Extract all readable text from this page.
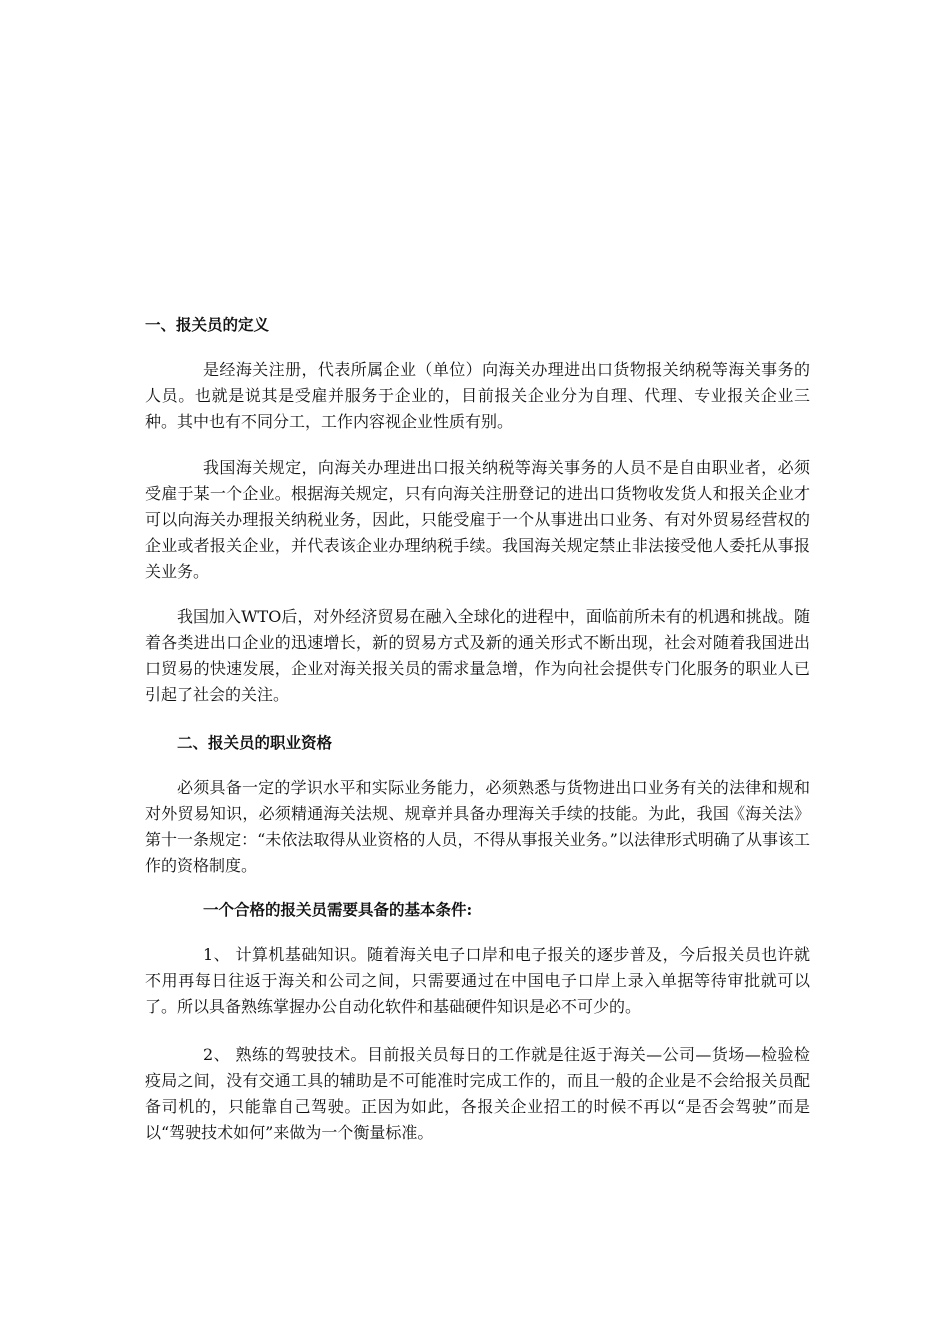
一、报关员的定义

是经海关注册，代表所属企业（单位）向海关办理进出口货物报关纳税等海关事务的人员。也就是说其是受雇并服务于企业的，目前报关企业分为自理、代理、专业报关企业三种。其中也有不同分工，工作内容视企业性质有别。

我国海关规定，向海关办理进出口报关纳税等海关事务的人员不是自由职业者，必须受雇于某一个企业。根据海关规定，只有向海关注册登记的进出口货物收发货人和报关企业才可以向海关办理报关纳税业务，因此，只能受雇于一个从事进出口业务、有对外贸易经营权的企业或者报关企业，并代表该企业办理纳税手续。我国海关规定禁止非法接受他人委托从事报关业务。

我国加入WTO后，对外经济贸易在融入全球化的进程中，面临前所未有的机遇和挑战。随着各类进出口企业的迅速增长，新的贸易方式及新的通关形式不断出现，社会对随着我国进出口贸易的快速发展，企业对海关报关员的需求量急增，作为向社会提供专门化服务的职业人已引起了社会的关注。

二、报关员的职业资格

必须具备一定的学识水平和实际业务能力，必须熟悉与货物进出口业务有关的法律和规和对外贸易知识，必须精通海关法规、规章并具备办理海关手续的技能。为此，我国《海关法》第十一条规定：“未依法取得从业资格的人员，不得从事报关业务。”以法律形式明确了从事该工作的资格制度。

一个合格的报关员需要具备的基本条件:

1、 计算机基础知识。随着海关电子口岸和电子报关的逐步普及，今后报关员也许就不用再每日往返于海关和公司之间，只需要通过在中国电子口岸上录入单据等待审批就可以了。所以具备熟练掌握办公自动化软件和基础硬件知识是必不可少的。

2、 熟练的驾驶技术。目前报关员每日的工作就是往返于海关—公司—货场—检验检疫局之间，没有交通工具的辅助是不可能准时完成工作的，而且一般的企业是不会给报关员配备司机的，只能靠自己驾驶。正因为如此，各报关企业招工的时候不再以“是否会驾驶”而是以“驾驶技术如何”来做为一个衡量标准。
